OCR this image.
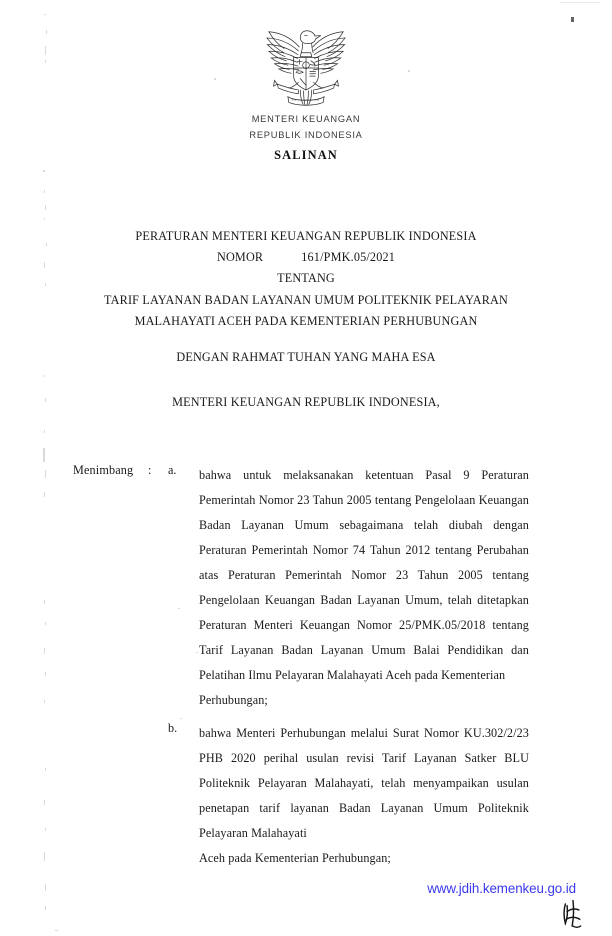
MENTERI KEUANGAN
REPUBLIK INDONESIA
SALINAN
PERATURAN MENTERI KEUANGAN REPUBLIK INDONESIA
NOMOR	161/PMK.05/2021
TENTANG
TARIF LAYANAN BADAN LAYANAN UMUM POLITEKNIK PELAYARAN
MALAHAYATI ACEH PADA KEMENTERIAN PERHUBUNGAN
DENGAN RAHMAT TUHAN YANG MAHA ESA
MENTERI KEUANGAN REPUBLIK INDONESIA,
Menimbang : a.	bahwa untuk melaksanakan ketentuan Pasal 9 Peraturan Pemerintah Nomor 23 Tahun 2005 tentang Pengelolaan Keuangan Badan Layanan Umum sebagaimana telah diubah dengan Peraturan Pemerintah Nomor 74 Tahun 2012 tentang Perubahan atas Peraturan Pemerintah Nomor 23 Tahun 2005 tentang Pengelolaan Keuangan Badan Layanan Umum, telah ditetapkan Peraturan Menteri Keuangan Nomor 25/PMK.05/2018 tentang Tarif Layanan Badan Layanan Umum Balai Pendidikan dan Pelatihan Ilmu Pelayaran Malahayati Aceh pada Kementerian

Perhubungan;

b.	bahwa Menteri Perhubungan melalui Surat Nomor KU.302/2/23 PHB 2020 perihal usulan revisi Tarif Layanan Satker BLU Politeknik Pelayaran Malahayati, telah menyampaikan usulan penetapan tarif layanan Badan Layanan Umum Politeknik Pelayaran Malahayati

Aceh pada Kementerian Perhubungan;

www.jdih.kemenkeu.go.id
